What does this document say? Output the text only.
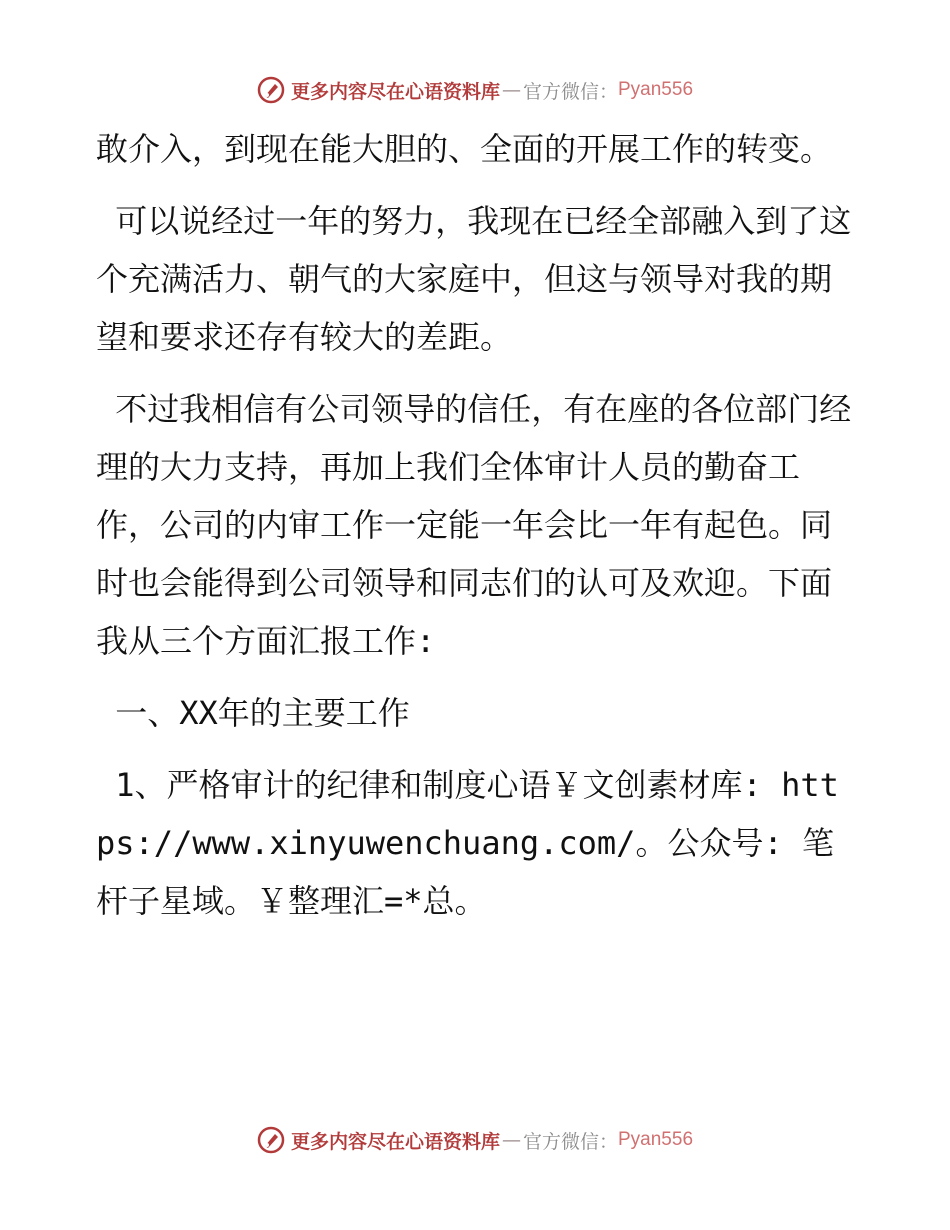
更多内容尽在心语资料库 — 官方微信： Pyan556

敢介入，到现在能大胆的、全面的开展工作的转变。

可以说经过一年的努力，我现在已经全部融入到了这个充满活力、朝气的大家庭中，但这与领导对我的期望和要求还存有较大的差距。

不过我相信有公司领导的信任，有在座的各位部门经理的大力支持，再加上我们全体审计人员的勤奋工作，公司的内审工作一定能一年会比一年有起色。同时也会能得到公司领导和同志们的认可及欢迎。下面我从三个方面汇报工作:

一、XX年的主要工作

1、严格审计的纪律和制度心语￥文创素材库: https://www.xinyuwenchuang.com/。公众号: 笔杆子星域。￥整理汇=*总。

更多内容尽在心语资料库 — 官方微信： Pyan556
